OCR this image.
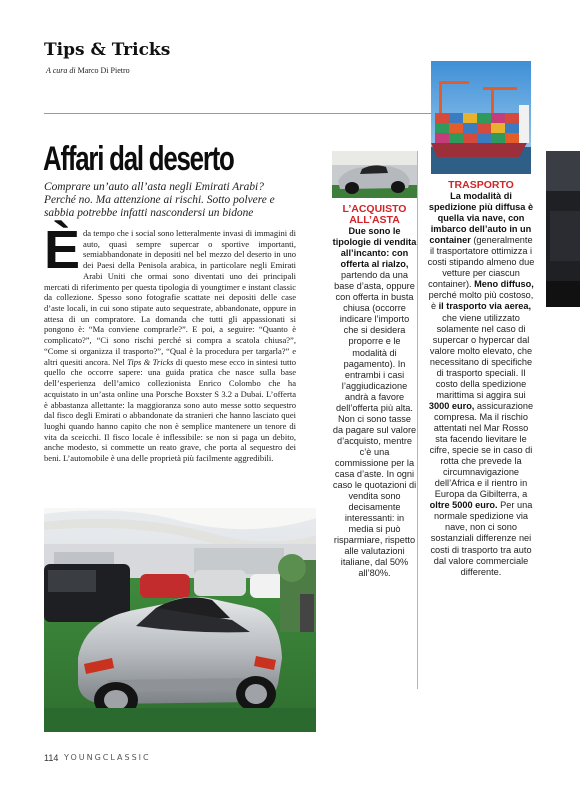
Tips & Tricks
A cura di Marco Di Pietro
Affari dal deserto
Comprare un’auto all’asta negli Emirati Arabi? Perché no. Ma attenzione ai rischi. Sotto polvere e sabbia potrebbe infatti nascondersi un bidone

Èda tempo che i social sono letteralmente invasi di immagini di auto, quasi sempre supercar o sportive importanti, semiabbandonate in depositi nel bel mezzo del deserto in uno dei Paesi della Penisola arabica, in particolare negli Emirati Arabi Uniti che ormai sono diventati uno dei principali mercati di riferimento per questa tipologia di youngtimer e instant classic da collezione. Spesso sono fotografie scattate nei depositi delle case d’aste locali, in cui sono stipate auto sequestrate, abbandonate, oppure in attesa di un compratore. La domanda che tutti gli appassionati si pongono è: “Ma conviene comprarle?”. E poi, a seguire: “Quanto è complicato?”, “Ci sono rischi perché si compra a scatola chiusa?”, “Come si organizza il trasporto?”, “Qual è la procedura per targarla?” e altri quesiti ancora. Nel Tips & Tricks di questo mese ecco in sintesi tutto quello che occorre sapere: una guida pratica che nasce sulla base dell’esperienza dell’amico collezionista Enrico Colombo che ha acquistato in un’asta online una Porsche Boxster S 3.2 a Dubai. L’offerta è abbastanza allettante: la maggioranza sono auto messe sotto sequestro dal fisco degli Emirati o abbandonate da stranieri che hanno lasciato quei luoghi quando hanno capito che non è semplice mantenere un tenore di vita da sceicchi. Il fisco locale è inflessibile: se non si paga un debito, anche modesto, si commette un reato grave, che porta al sequestro dei beni. L’automobile è una delle proprietà più facilmente aggredibili.

L’ACQUISTO ALL’ASTA
Due sono le tipologie di vendita all’incanto: con offerta al rialzo, partendo da una base d’asta, oppure con offerta in busta chiusa (occorre indicare l’importo che si desidera proporre e le modalità di pagamento). In entrambi i casi l’aggiudicazione andrà a favore dell’offerta più alta. Non ci sono tasse da pagare sul valore d’acquisto, mentre c’è una commissione per la casa d’aste. In ogni caso le quotazioni di vendita sono decisamente interessanti: in media si può risparmiare, rispetto alle valutazioni italiane, dal 50% all’80%.
TRASPORTO
La modalità di spedizione più diffusa è quella via nave, con imbarco dell’auto in un container (generalmente il trasportatore ottimizza i costi stipando almeno due vetture per ciascun container). Meno diffuso, perché molto più costoso, è il trasporto via aerea, che viene utilizzato solamente nel caso di supercar o hypercar dal valore molto elevato, che necessitano di specifiche di trasporto speciali. Il costo della spedizione marittima si aggira sui 3000 euro, assicurazione compresa. Ma il rischio attentati nel Mar Rosso sta facendo lievitare le cifre, specie se in caso di rotta che prevede la circumnavigazione dell’Africa e il rientro in Europa da Gibilterra, a oltre 5000 euro. Per una normale spedizione via nave, non ci sono sostanziali differenze nei costi di trasporto tra auto dal valore commerciale differente.
114 YOUNGCLASSIC
